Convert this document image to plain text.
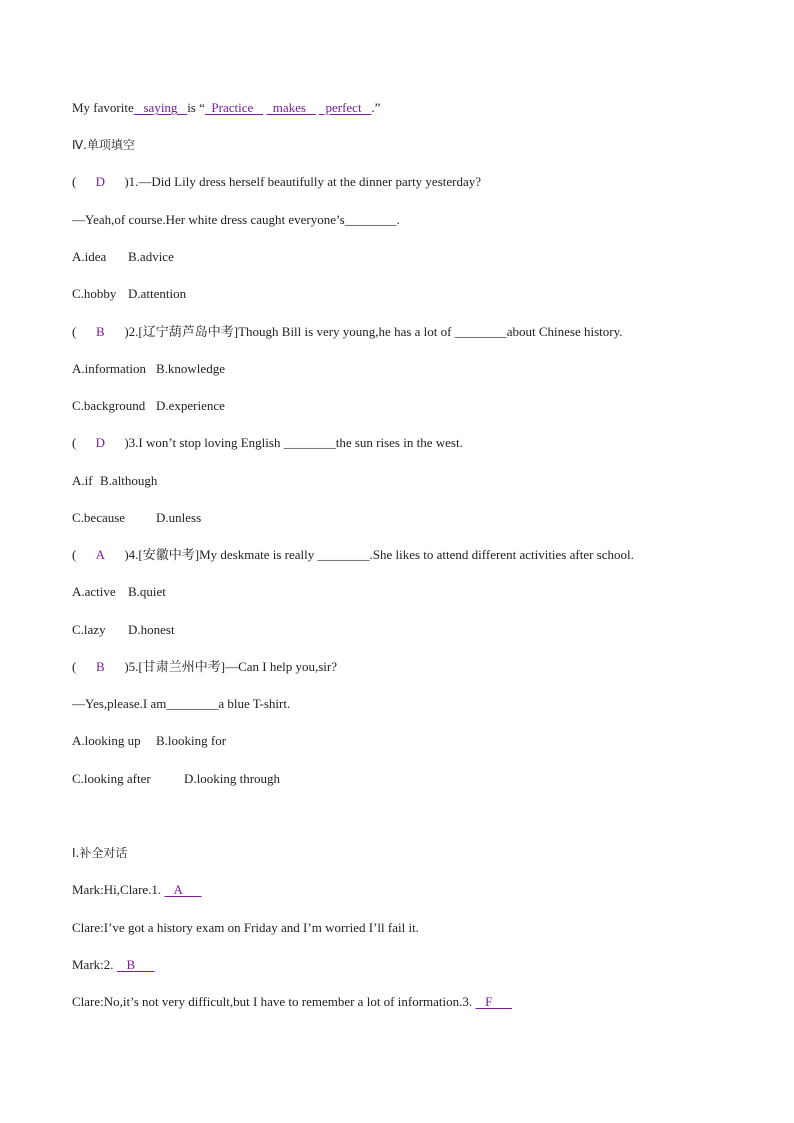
My favorite   saying   is “  Practice      makes      perfect   .”
Ⅳ.单项填空
( D )1.—Did Lily dress herself beautifully at the dinner party yesterday?
—Yeah,of course.Her white dress caught everyone’s________.
A.idea B.advice
C.hobby D.attention
( B )2.[辽宁葫芦岛中考]Though Bill is very young,he has a lot of ________about Chinese history.
A.information B.knowledge
C.background D.experience
( D )3.I won’t stop loving English ________the sun rises in the west.
A.if B.although
C.because D.unless
( A )4.[安徽中考]My deskmate is really ________.She likes to attend different activities after school.
A.active B.quiet
C.lazy D.honest
( B )5.[甘肃兰州中考]—Can I help you,sir?
—Yes,please.I am________a blue T-shirt.
A.looking up B.looking for
C.looking after	D.looking through
Ⅰ.补全对话
Mark:Hi,Clare.1.    A
Clare:I’ve got a history exam on Friday and I’m worried I’ll fail it.
Mark:2.    B
Clare:No,it’s not very difficult,but I have to remember a lot of information.3.    F
